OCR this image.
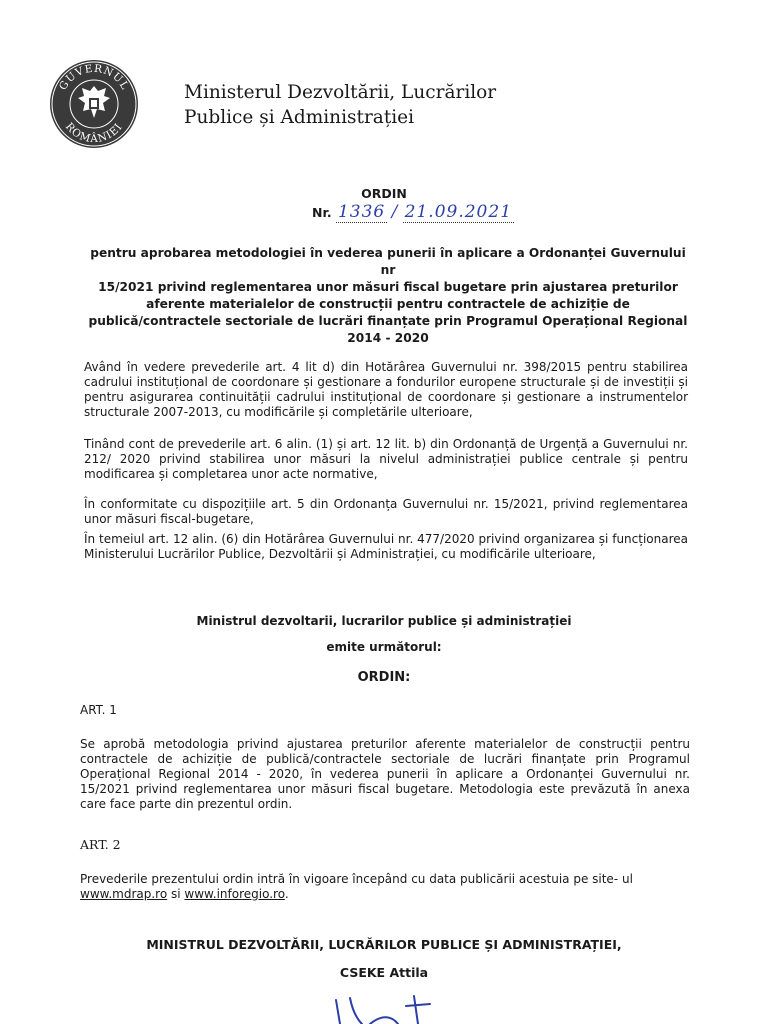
GUVERNUL
ROMÂNIEI
Ministerul Dezvoltării, Lucrărilor
Publice și Administrației
ORDIN
Nr. 1336 / 21.09.2021
pentru aprobarea metodologiei în vederea punerii în aplicare a Ordonanței Guvernului nr
15/2021 privind reglementarea unor măsuri fiscal bugetare prin ajustarea preturilor
aferente materialelor de construcții pentru contractele de achiziție de
publică/contractele sectoriale de lucrări finanțate prin Programul Operațional Regional
2014 - 2020
Având în vedere prevederile art. 4 lit d) din Hotărârea Guvernului nr. 398/2015 pentru stabilirea cadrului instituțional de coordonare și gestionare a fondurilor europene structurale și de investiții și pentru asigurarea continuității cadrului instituțional de coordonare și gestionare a instrumentelor structurale 2007-2013, cu modificările și completările ulterioare,
Tinând cont de prevederile art. 6 alin. (1) și art. 12 lit. b) din Ordonanță de Urgență a Guvernului nr. 212/ 2020 privind stabilirea unor măsuri la nivelul administrației publice centrale și pentru modificarea și completarea unor acte normative,
În conformitate cu dispozițiile art. 5 din Ordonanța Guvernului nr. 15/2021, privind reglementarea unor măsuri fiscal-bugetare,
În temeiul art. 12 alin. (6) din Hotărârea Guvernului nr. 477/2020 privind organizarea și funcționarea Ministerului Lucrărilor Publice, Dezvoltării și Administrației, cu modificările ulterioare,
Ministrul dezvoltarii, lucrarilor publice și administrației
emite următorul:
ORDIN:
ART. 1
Se aprobă metodologia privind ajustarea preturilor aferente materialelor de construcții pentru contractele de achiziție de publică/contractele sectoriale de lucrări finanțate prin Programul Operațional Regional 2014 - 2020, în vederea punerii în aplicare a Ordonanței Guvernului nr. 15/2021 privind reglementarea unor măsuri fiscal bugetare. Metodologia este prevăzută în anexa care face parte din prezentul ordin.
ART. 2
Prevederile prezentului ordin intră în vigoare începând cu data publicării acestuia pe site- ul
www.mdrap.ro si www.inforegio.ro.
MINISTRUL DEZVOLTĂRII, LUCRĂRILOR PUBLICE ȘI ADMINISTRAȚIEI,
CSEKE Attila
